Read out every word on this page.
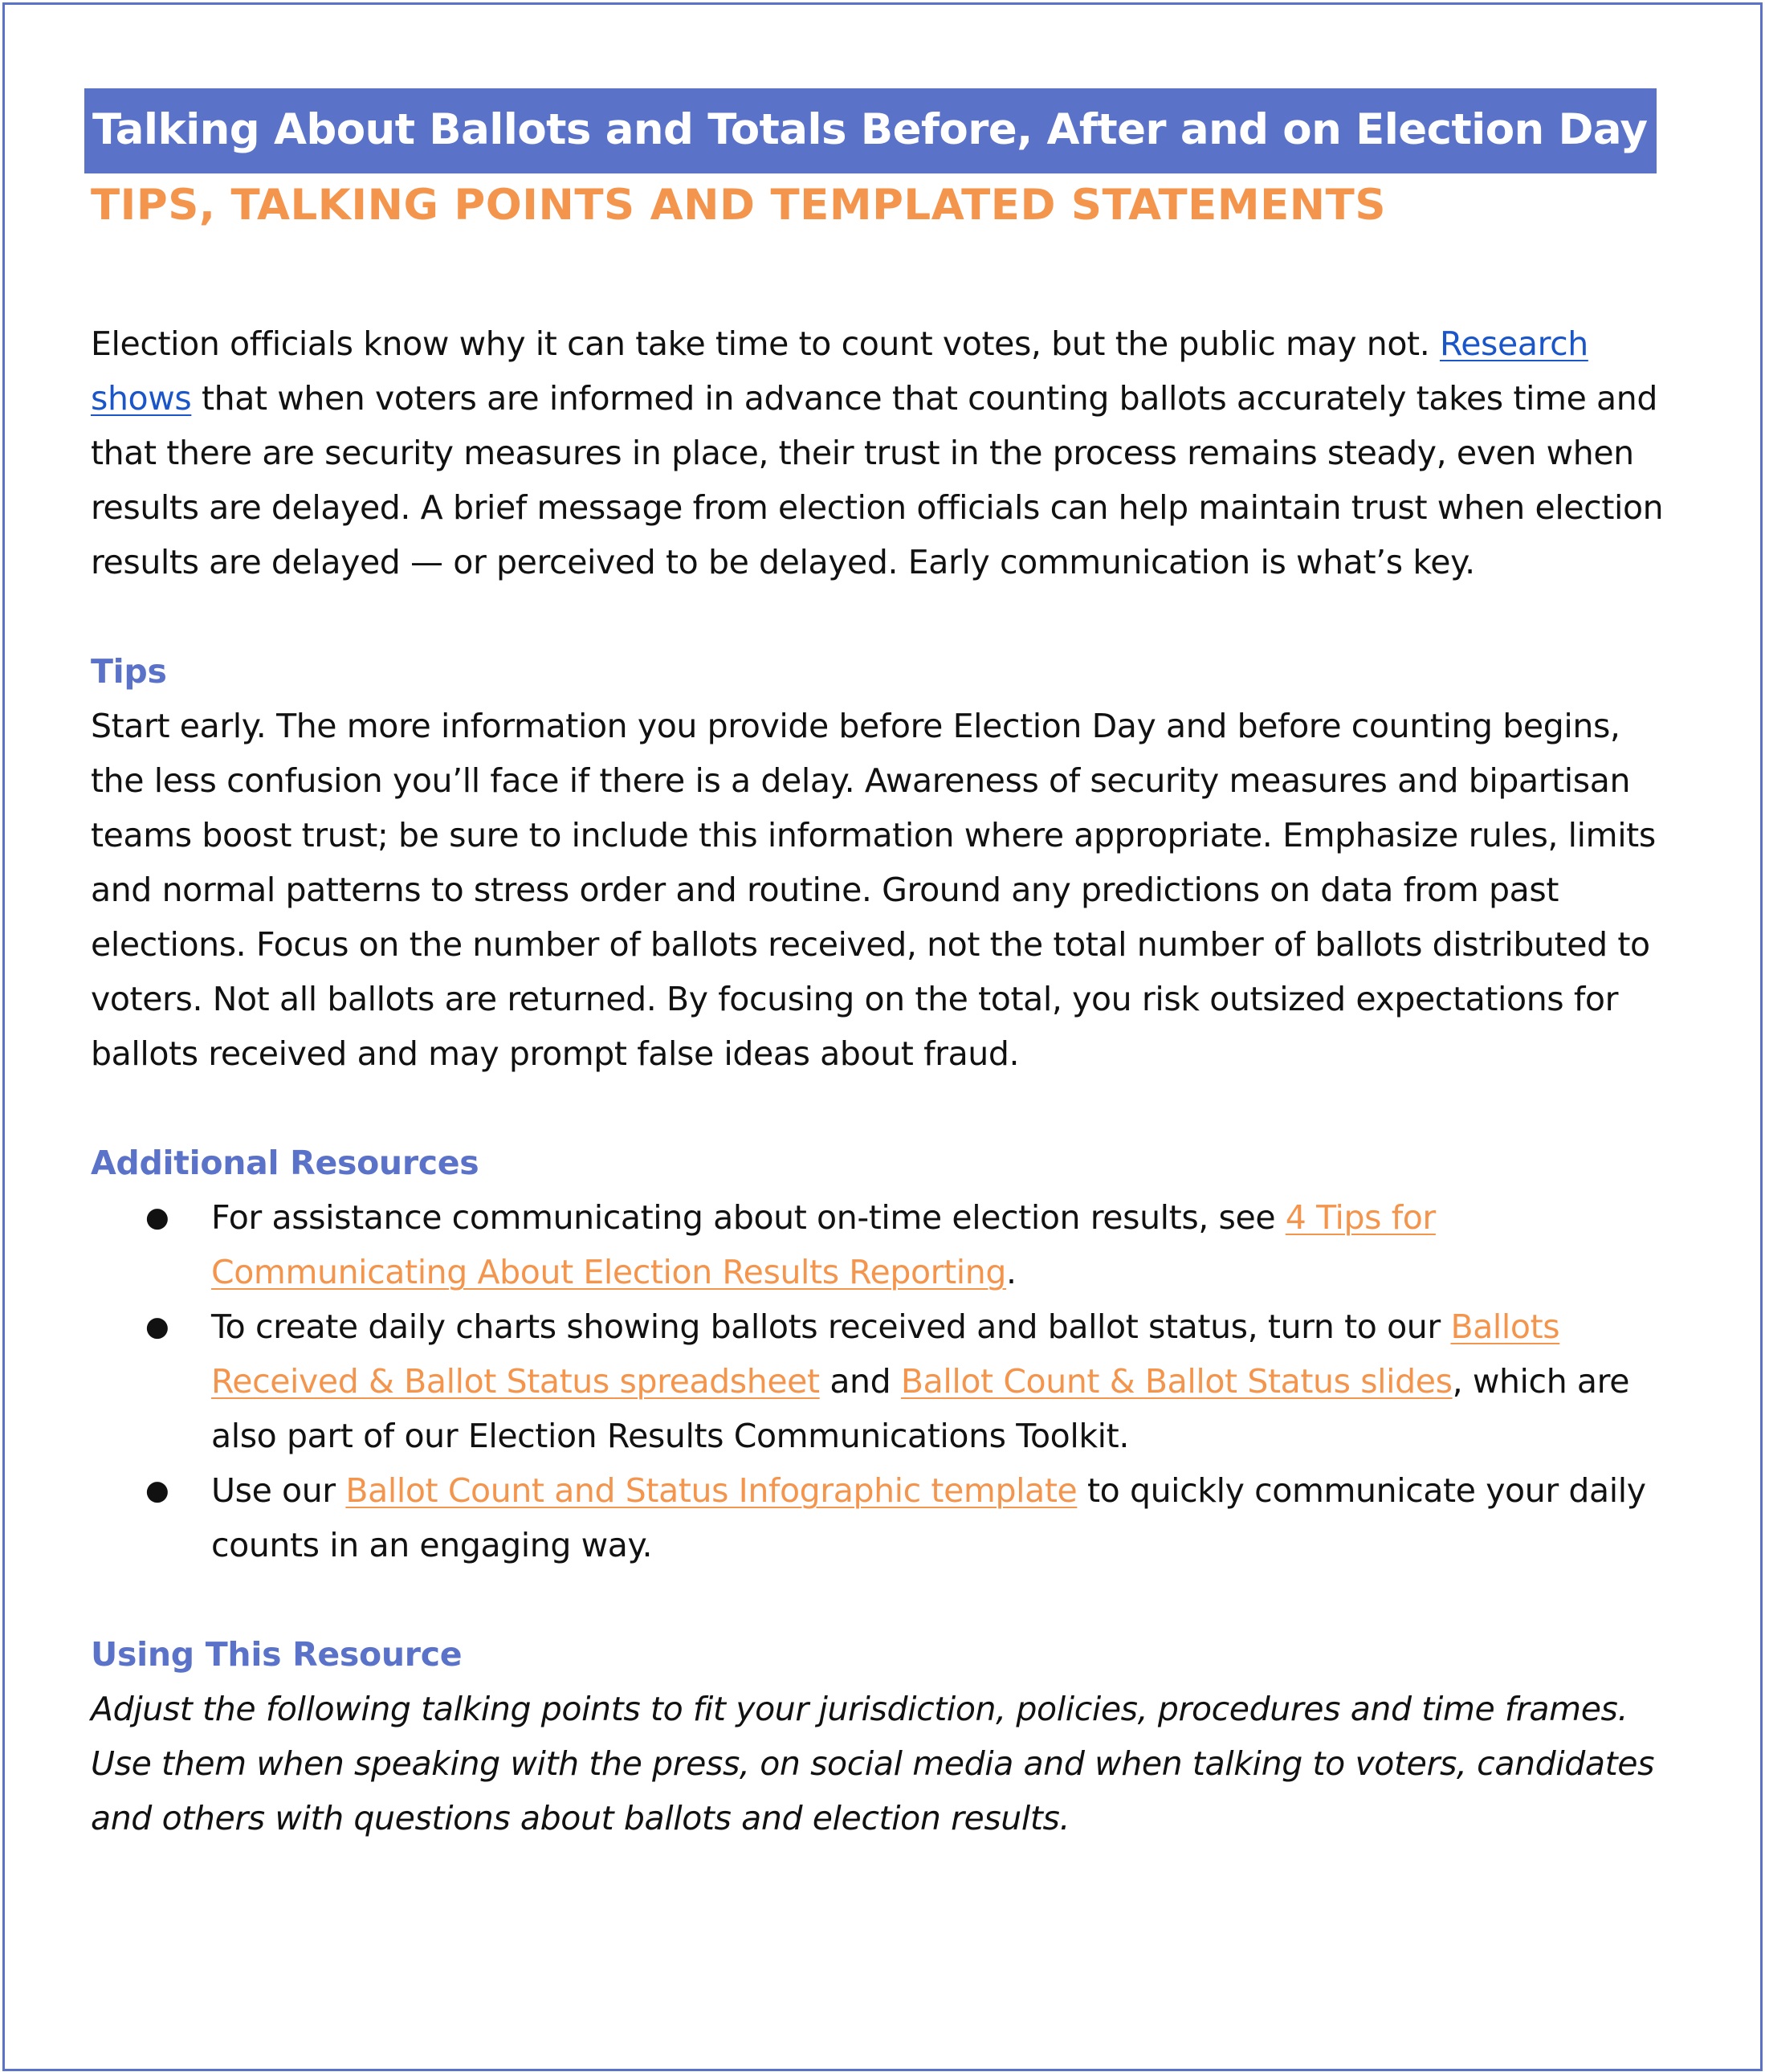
Talking About Ballots and Totals Before, After and on Election Day
TIPS, TALKING POINTS AND TEMPLATED STATEMENTS

Election officials know why it can take time to count votes, but the public may not. Research shows that when voters are informed in advance that counting ballots accurately takes time and that there are security measures in place, their trust in the process remains steady, even when results are delayed. A brief message from election officials can help maintain trust when election results are delayed — or perceived to be delayed. Early communication is what’s key.

Tips

Start early. The more information you provide before Election Day and before counting begins, the less confusion you’ll face if there is a delay. Awareness of security measures and bipartisan teams boost trust; be sure to include this information where appropriate. Emphasize rules, limits and normal patterns to stress order and routine. Ground any predictions on data from past elections. Focus on the number of ballots received, not the total number of ballots distributed to voters. Not all ballots are returned. By focusing on the total, you risk outsized expectations for ballots received and may prompt false ideas about fraud.

Additional Resources
● For assistance communicating about on-time election results, see 4 Tips for Communicating About Election Results Reporting.
● To create daily charts showing ballots received and ballot status, turn to our Ballots Received & Ballot Status spreadsheet and Ballot Count & Ballot Status slides, which are also part of our Election Results Communications Toolkit.
● Use our Ballot Count and Status Infographic template to quickly communicate your daily counts in an engaging way.
Using This Resource

Adjust the following talking points to fit your jurisdiction, policies, procedures and time frames. Use them when speaking with the press, on social media and when talking to voters, candidates and others with questions about ballots and election results.
